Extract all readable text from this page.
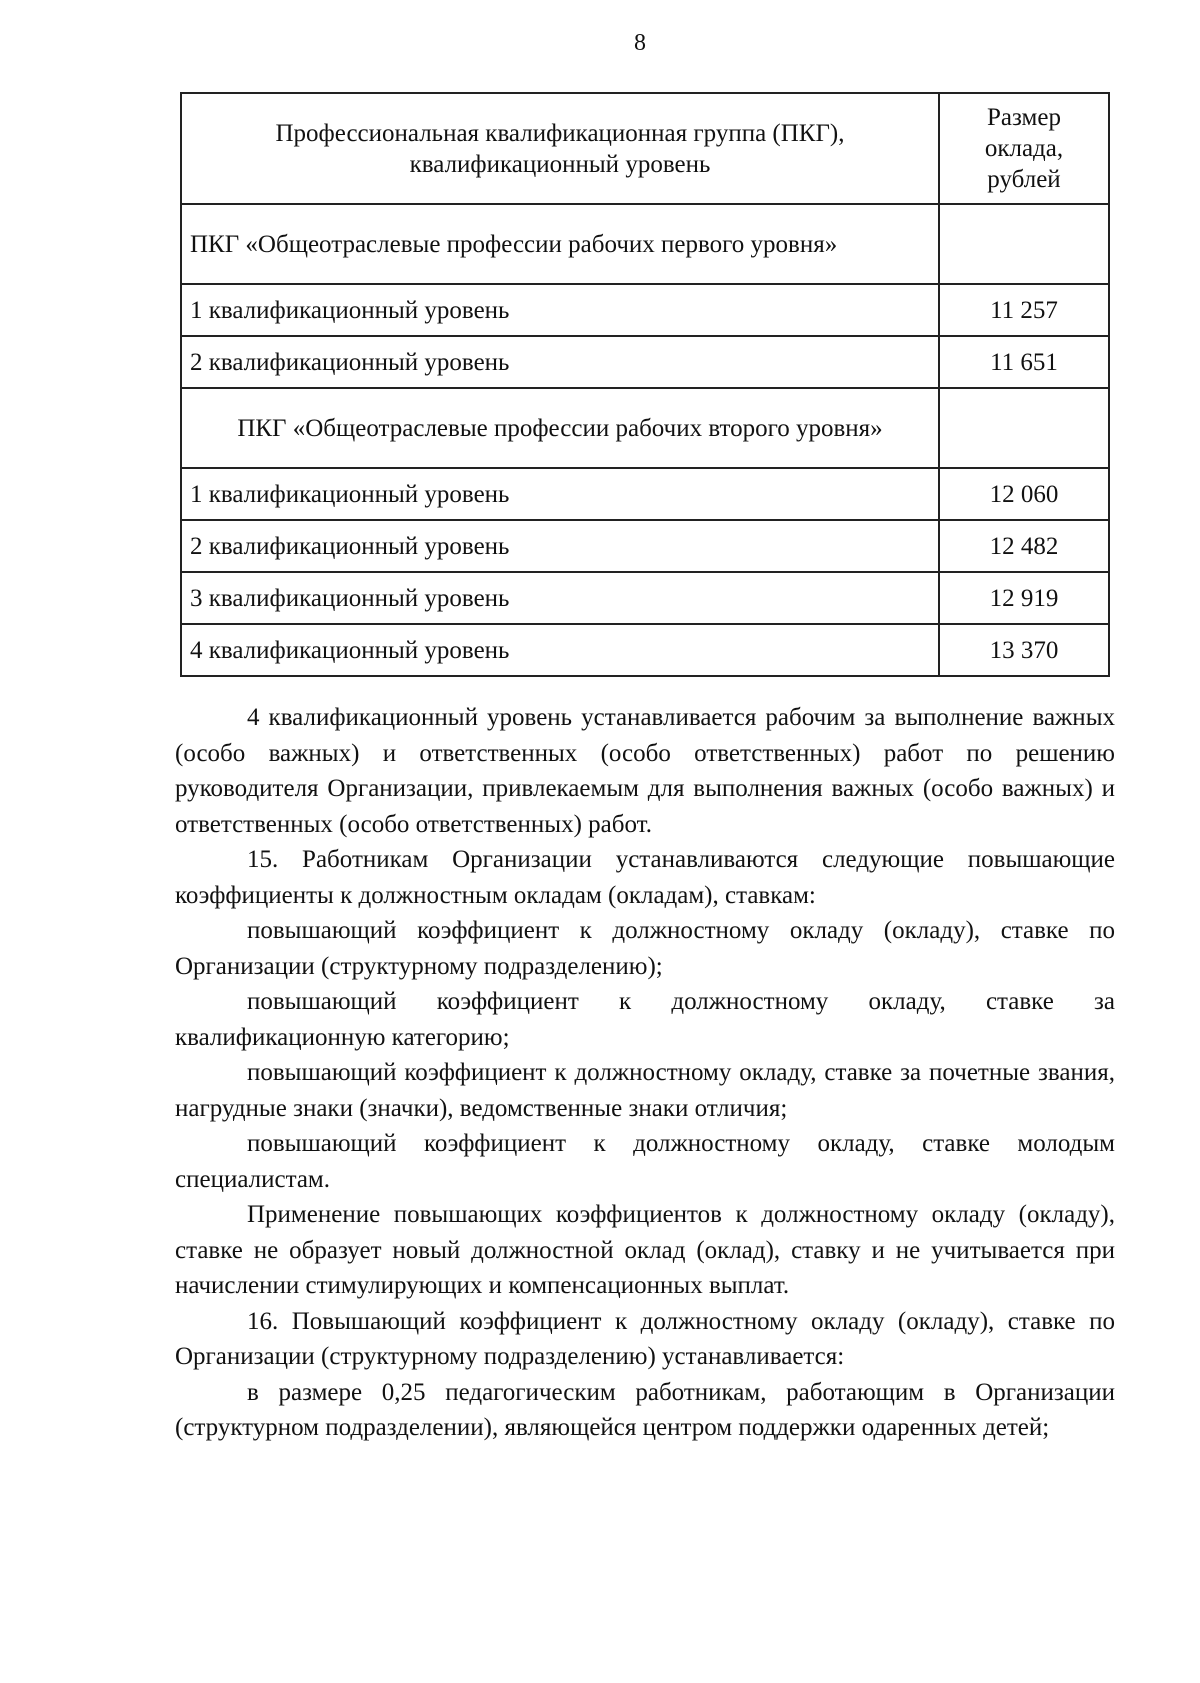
8
Профессиональная квалификационная группа (ПКГ), квалификационный уровень	Размер оклада, рублей
ПКГ «Общеотраслевые профессии рабочих первого уровня»	
1 квалификационный уровень	11 257
2 квалификационный уровень	11 651
ПКГ «Общеотраслевые профессии рабочих второго уровня»	
1 квалификационный уровень	12 060
2 квалификационный уровень	12 482
3 квалификационный уровень	12 919
4 квалификационный уровень	13 370

4 квалификационный уровень устанавливается рабочим за выполнение важных (особо важных) и ответственных (особо ответственных) работ по решению руководителя Организации, привлекаемым для выполнения важных (особо важных) и ответственных (особо ответственных) работ.

15. Работникам Организации устанавливаются следующие повышающие коэффициенты к должностным окладам (окладам), ставкам:

повышающий коэффициент к должностному окладу (окладу), ставке по Организации (структурному подразделению);

повышающий коэффициент к должностному окладу, ставке за квалификационную категорию;

повышающий коэффициент к должностному окладу, ставке за почетные звания, нагрудные знаки (значки), ведомственные знаки отличия;

повышающий коэффициент к должностному окладу, ставке молодым специалистам.

Применение повышающих коэффициентов к должностному окладу (окладу), ставке не образует новый должностной оклад (оклад), ставку и не учитывается при начислении стимулирующих и компенсационных выплат.

16. Повышающий коэффициент к должностному окладу (окладу), ставке по Организации (структурному подразделению) устанавливается:

в размере 0,25 педагогическим работникам, работающим в Организации (структурном подразделении), являющейся центром поддержки одаренных детей;
